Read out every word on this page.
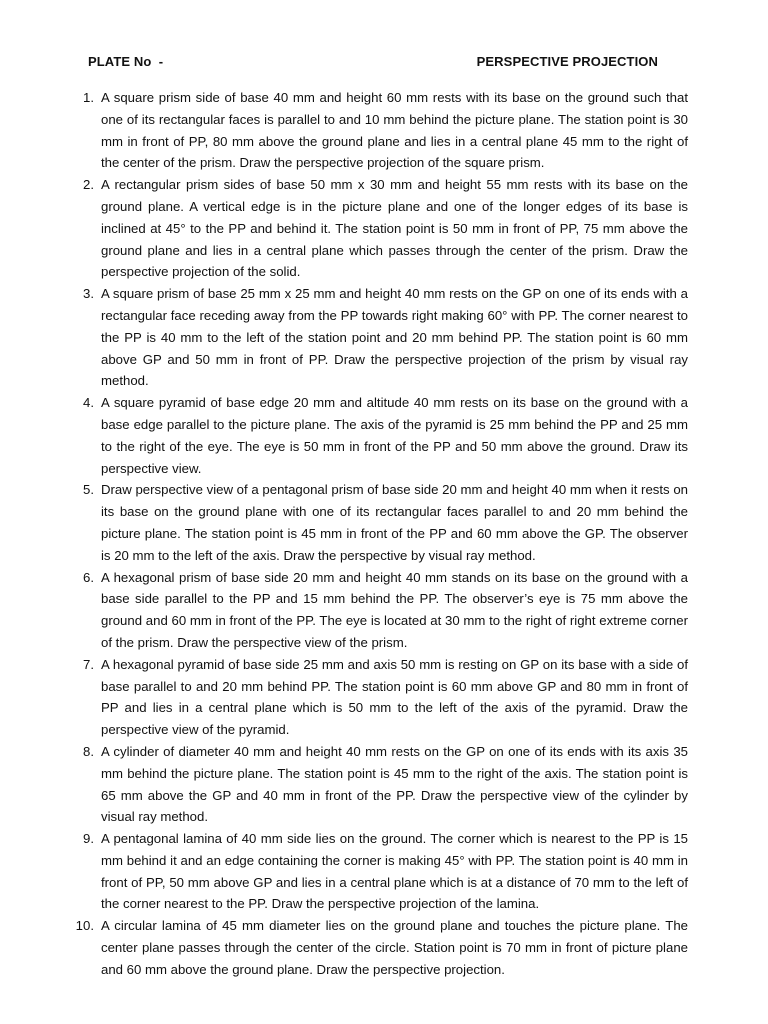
PLATE No  -	PERSPECTIVE PROJECTION
1. A square prism side of base 40 mm and height 60 mm rests with its base on the ground such that one of its rectangular faces is parallel to and 10 mm behind the picture plane. The station point is 30 mm in front of PP, 80 mm above the ground plane and lies in a central plane 45 mm to the right of the center of the prism. Draw the perspective projection of the square prism.
2. A rectangular prism sides of base 50 mm x 30 mm and height 55 mm rests with its base on the ground plane. A vertical edge is in the picture plane and one of the longer edges of its base is inclined at 45° to the PP and behind it. The station point is 50 mm in front of PP, 75 mm above the ground plane and lies in a central plane which passes through the center of the prism. Draw the perspective projection of the solid.
3. A square prism of base 25 mm x 25 mm and height 40 mm rests on the GP on one of its ends with a rectangular face receding away from the PP towards right making 60° with PP. The corner nearest to the PP is 40 mm to the left of the station point and 20 mm behind PP. The station point is 60 mm above GP and 50 mm in front of PP. Draw the perspective projection of the prism by visual ray method.
4. A square pyramid of base edge 20 mm and altitude 40 mm rests on its base on the ground with a base edge parallel to the picture plane. The axis of the pyramid is 25 mm behind the PP and 25 mm to the right of the eye. The eye is 50 mm in front of the PP and 50 mm above the ground. Draw its perspective view.
5. Draw perspective view of a pentagonal prism of base side 20 mm and height 40 mm when it rests on its base on the ground plane with one of its rectangular faces parallel to and 20 mm behind the picture plane. The station point is 45 mm in front of the PP and 60 mm above the GP. The observer is 20 mm to the left of the axis. Draw the perspective by visual ray method.
6. A hexagonal prism of base side 20 mm and height 40 mm stands on its base on the ground with a base side parallel to the PP and 15 mm behind the PP. The observer’s eye is 75 mm above the ground and 60 mm in front of the PP. The eye is located at 30 mm to the right of right extreme corner of the prism. Draw the perspective view of the prism.
7. A hexagonal pyramid of base side 25 mm and axis 50 mm is resting on GP on its base with a side of base parallel to and 20 mm behind PP. The station point is 60 mm above GP and 80 mm in front of PP and lies in a central plane which is 50 mm to the left of the axis of the pyramid. Draw the perspective view of the pyramid.
8. A cylinder of diameter 40 mm and height 40 mm rests on the GP on one of its ends with its axis 35 mm behind the picture plane. The station point is 45 mm to the right of the axis. The station point is 65 mm above the GP and 40 mm in front of the PP. Draw the perspective view of the cylinder by visual ray method.
9. A pentagonal lamina of 40 mm side lies on the ground. The corner which is nearest to the PP is 15 mm behind it and an edge containing the corner is making 45° with PP. The station point is 40 mm in front of PP, 50 mm above GP and lies in a central plane which is at a distance of 70 mm to the left of the corner nearest to the PP. Draw the perspective projection of the lamina.
10. A circular lamina of 45 mm diameter lies on the ground plane and touches the picture plane. The center plane passes through the center of the circle. Station point is 70 mm in front of picture plane and 60 mm above the ground plane. Draw the perspective projection.
